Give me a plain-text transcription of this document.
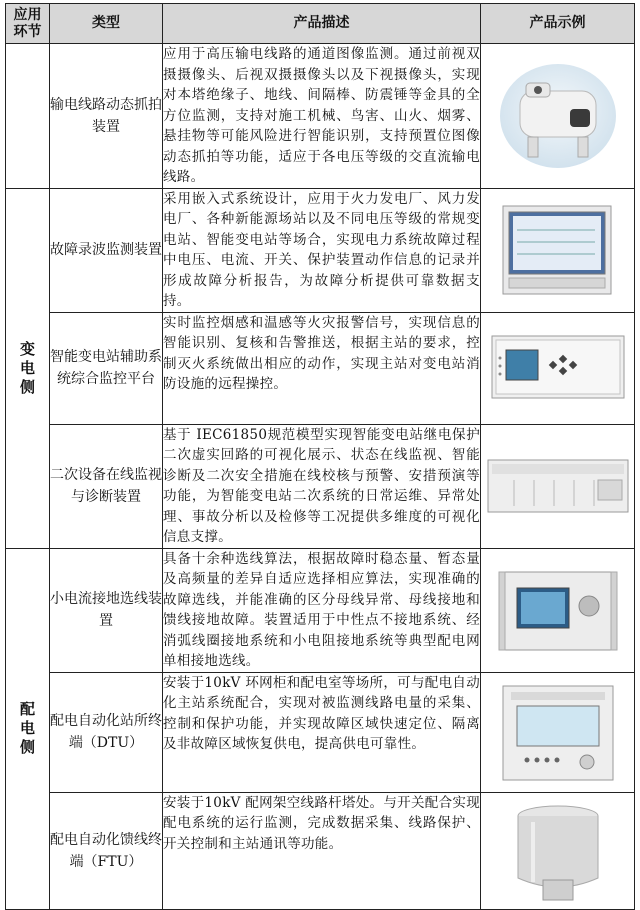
应用环节	类型	产品描述	产品示例
	输电线路动态抓拍装置	应用于高压输电线路的通道图像监测。通过前视双摄摄像头、后视双摄摄像头以及下视摄像头，实现对本塔绝缘子、地线、间隔棒、防震锤等金具的全方位监测，支持对施工机械、鸟害、山火、烟雾、悬挂物等可能风险进行智能识别，支持预置位图像动态抓拍等功能，适应于各电压等级的交直流输电线路。	

变电侧	故障录波监测装置	采用嵌入式系统设计，应用于火力发电厂、风力发电厂、各种新能源场站以及不同电压等级的常规变电站、智能变电站等场合，实现电力系统故障过程中电压、电流、开关、保护装置动作信息的记录并形成故障分析报告，为故障分析提供可靠数据支持。	

	智能变电站辅助系统综合监控平台	实时监控烟感和温感等火灾报警信号，实现信息的智能识别、复核和告警推送，根据主站的要求，控制灭火系统做出相应的动作，实现主站对变电站消防设施的远程操控。	

	二次设备在线监视与诊断装置	基于 IEC61850规范模型实现智能变电站继电保护二次虚实回路的可视化展示、状态在线监视、智能诊断及二次安全措施在线校核与预警、安措预演等功能，为智能变电站二次系统的日常运维、异常处理、事故分析以及检修等工况提供多维度的可视化信息支撑。	

配电侧	小电流接地选线装置	具备十余种选线算法，根据故障时稳态量、暂态量及高频量的差异自适应选择相应算法，实现准确的故障选线，并能准确的区分母线异常、母线接地和馈线接地故障。装置适用于中性点不接地系统、经消弧线圈接地系统和小电阻接地系统等典型配电网单相接地选线。	

	配电自动化站所终端（DTU）	安装于10kV 环网柜和配电室等场所，可与配电自动化主站系统配合，实现对被监测线路电量的采集、控制和保护功能，并实现故障区域快速定位、隔离及非故障区域恢复供电，提高供电可靠性。	

	配电自动化馈线终端（FTU）	安装于10kV 配网架空线路杆塔处。与开关配合实现配电系统的运行监测，完成数据采集、线路保护、开关控制和主站通讯等功能。	
